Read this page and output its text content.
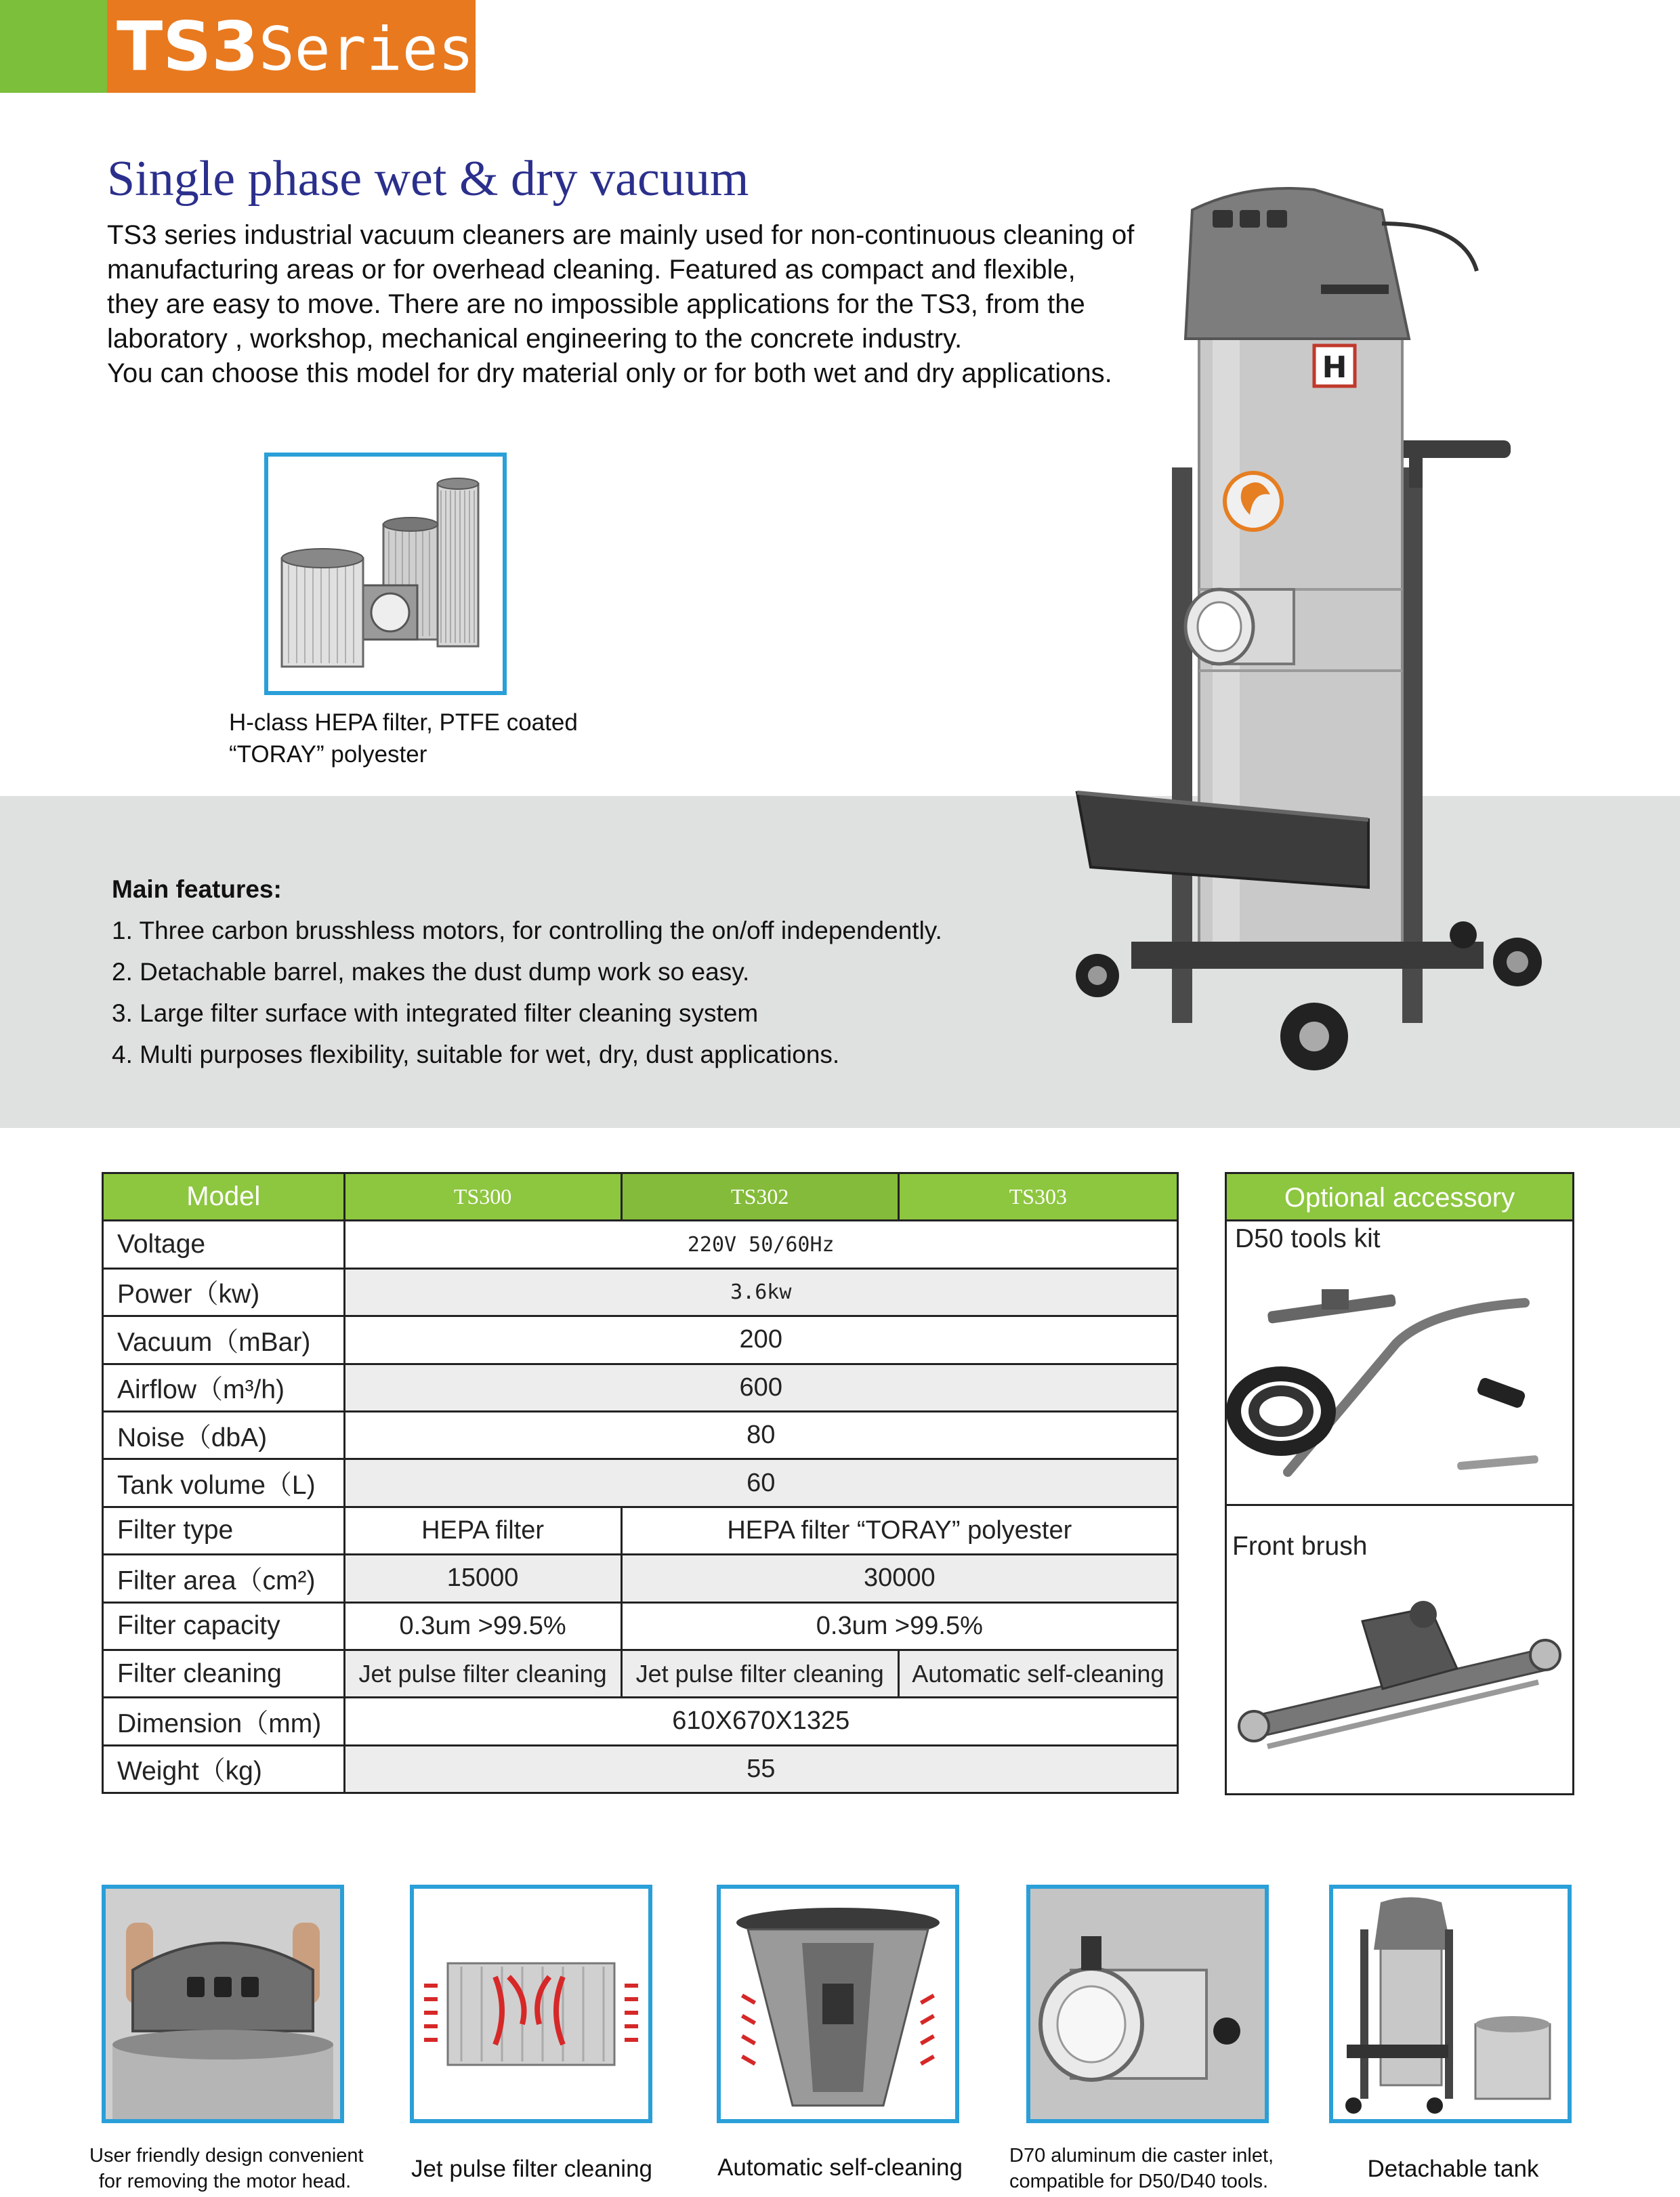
TS3Series
Single phase wet & dry vacuum

TS3 series industrial vacuum cleaners are mainly used for non-continuous cleaning of

manufacturing areas or for overhead cleaning. Featured as compact and flexible,

they are easy to move. There are no impossible applications for the TS3, from the

laboratory , workshop, mechanical engineering to the concrete industry.

You can choose this model for dry material only or for both wet and dry applications.

H-class HEPA filter, PTFE coated

“TORAY” polyester

Main features:

1. Three carbon brusshless motors, for controlling the on/off independently.

2. Detachable barrel, makes the dust dump work so easy.

3. Large filter surface with integrated filter cleaning system

4. Multi purposes flexibility, suitable for wet, dry, dust applications.

H
Model	TS300	TS302	TS303
Voltage	220V 50/60Hz		
Power（kw)	3.6kw		
Vacuum（mBar)	200		
Airflow（m³/h)	600		
Noise（dbA)	80		
Tank volume（L)	60		
Filter type	HEPA filter	HEPA filter “TORAY” polyester	
Filter area（cm²)	15000	30000	
Filter capacity	0.3um >99.5%	0.3um >99.5%	
Filter cleaning	Jet pulse filter cleaning	Jet pulse filter cleaning	Automatic self-cleaning
Dimension（mm)	610X670X1325		
Weight（kg)	55		
Optional accessory
D50 tools kit
Front brush
User friendly design convenient
for removing the motor head.	Jet pulse filter cleaning	Automatic self-cleaning	D70 aluminum die caster inlet,
compatible for D50/D40 tools.	Detachable tank
